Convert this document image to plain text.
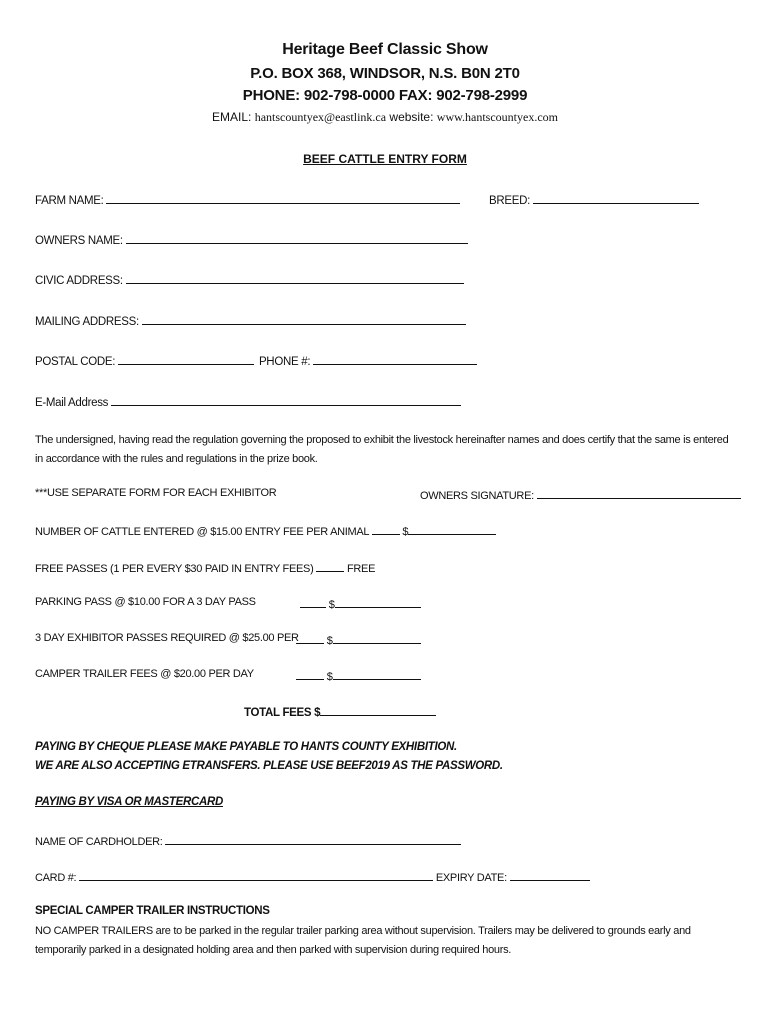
Heritage Beef Classic Show
P.O. BOX 368, WINDSOR, N.S. B0N 2T0
PHONE: 902-798-0000 FAX: 902-798-2999
EMAIL: hantscountyex@eastlink.ca website: www.hantscountyex.com
BEEF CATTLE ENTRY FORM
FARM NAME:	BREED:
OWNERS NAME:
CIVIC ADDRESS:
MAILING ADDRESS:
POSTAL CODE:	PHONE #:
E-Mail Address
The undersigned, having read the regulation governing the proposed to exhibit the livestock hereinafter names and does certify that the same is entered in accordance with the rules and regulations in the prize book.
***USE SEPARATE FORM FOR EACH EXHIBITOR	OWNERS SIGNATURE:
NUMBER OF CATTLE ENTERED @ $15.00 ENTRY FEE PER ANIMAL	$
FREE PASSES (1 PER EVERY $30 PAID IN ENTRY FEES)	FREE
PARKING PASS @ $10.00 FOR A 3 DAY PASS	$
3 DAY EXHIBITOR PASSES REQUIRED @ $25.00 PER	$
CAMPER TRAILER FEES @ $20.00 PER DAY	$
TOTAL FEES $
PAYING BY CHEQUE PLEASE MAKE PAYABLE TO HANTS COUNTY EXHIBITION.
WE ARE ALSO ACCEPTING ETRANSFERS. PLEASE USE BEEF2019 AS THE PASSWORD.
PAYING BY VISA OR MASTERCARD
NAME OF CARDHOLDER:
CARD #:	EXPIRY DATE:
SPECIAL CAMPER TRAILER INSTRUCTIONS
NO CAMPER TRAILERS are to be parked in the regular trailer parking area without supervision. Trailers may be delivered to grounds early and temporarily parked in a designated holding area and then parked with supervision during required hours.
